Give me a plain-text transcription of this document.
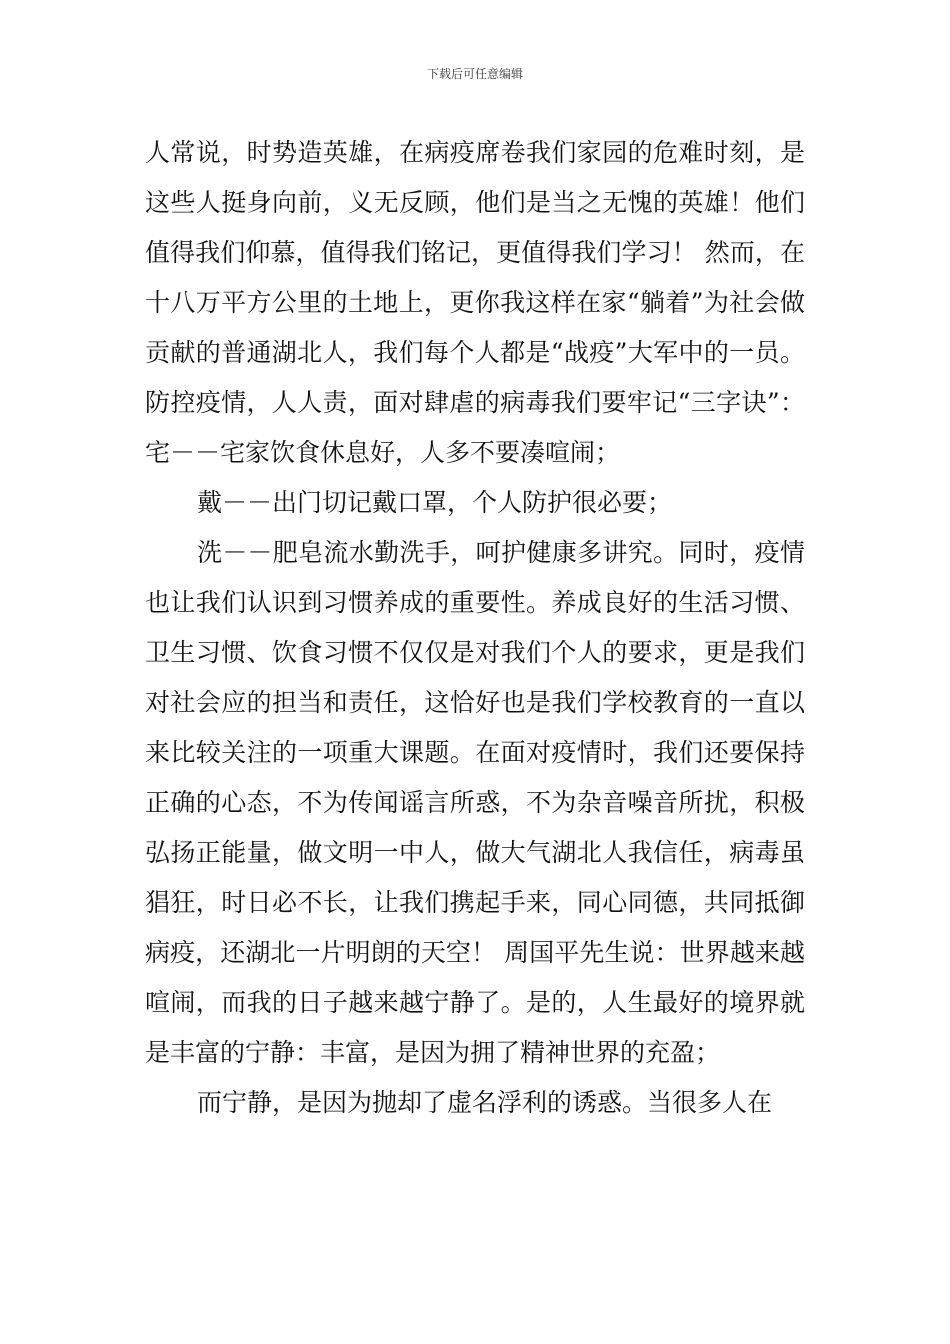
下载后可任意编辑

人常说，时势造英雄，在病疫席卷我们家园的危难时刻，是这些人挺身向前，义无反顾，他们是当之无愧的英雄！他们值得我们仰慕，值得我们铭记，更值得我们学习！ 然而，在十八万平方公里的土地上，更你我这样在家“躺着”为社会做贡献的普通湖北人，我们每个人都是“战疫”大军中的一员。防控疫情，人人责，面对肆虐的病毒我们要牢记“三字诀”：宅－－宅家饮食休息好，人多不要凑喧闹；

戴－－出门切记戴口罩，个人防护很必要；

洗－－肥皂流水勤洗手，呵护健康多讲究。同时，疫情也让我们认识到习惯养成的重要性。养成良好的生活习惯、卫生习惯、饮食习惯不仅仅是对我们个人的要求，更是我们对社会应的担当和责任，这恰好也是我们学校教育的一直以来比较关注的一项重大课题。在面对疫情时，我们还要保持正确的心态，不为传闻谣言所惑，不为杂音噪音所扰，积极弘扬正能量，做文明一中人，做大气湖北人我信任，病毒虽猖狂，时日必不长，让我们携起手来，同心同德，共同抵御病疫，还湖北一片明朗的天空！ 周国平先生说：世界越来越喧闹，而我的日子越来越宁静了。是的，人生最好的境界就是丰富的宁静：丰富，是因为拥了精神世界的充盈；

而宁静，是因为抛却了虚名浮利的诱惑。当很多人在
